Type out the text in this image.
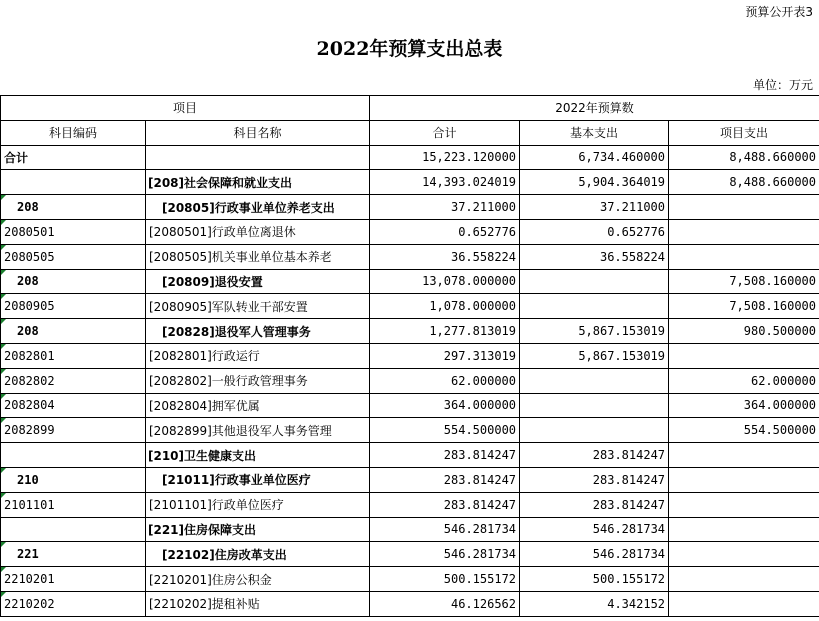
预算公开表3
2022年预算支出总表
单位：万元
项目		2022年预算数		
科目编码	科目名称	合计	基本支出	项目支出
合计		15,223.120000	6,734.460000	8,488.660000
	[208]社会保障和就业支出	14,393.024019	5,904.364019	8,488.660000

208	[20805]行政事业单位养老支出	37.211000	37.211000	

2080501	[2080501]行政单位离退休	0.652776	0.652776	

2080505	[2080505]机关事业单位基本养老	36.558224	36.558224	

208	[20809]退役安置	13,078.000000		7,508.160000

2080905	[2080905]军队转业干部安置	1,078.000000		7,508.160000

208	[20828]退役军人管理事务	1,277.813019	5,867.153019	980.500000

2082801	[2082801]行政运行	297.313019	5,867.153019	

2082802	[2082802]一般行政管理事务	62.000000		62.000000

2082804	[2082804]拥军优属	364.000000		364.000000

2082899	[2082899]其他退役军人事务管理	554.500000		554.500000
	[210]卫生健康支出	283.814247	283.814247	

210	[21011]行政事业单位医疗	283.814247	283.814247	

2101101	[2101101]行政单位医疗	283.814247	283.814247	
	[221]住房保障支出	546.281734	546.281734	

221	[22102]住房改革支出	546.281734	546.281734	

2210201	[2210201]住房公积金	500.155172	500.155172	

2210202	[2210202]提租补贴	46.126562	4.342152	
